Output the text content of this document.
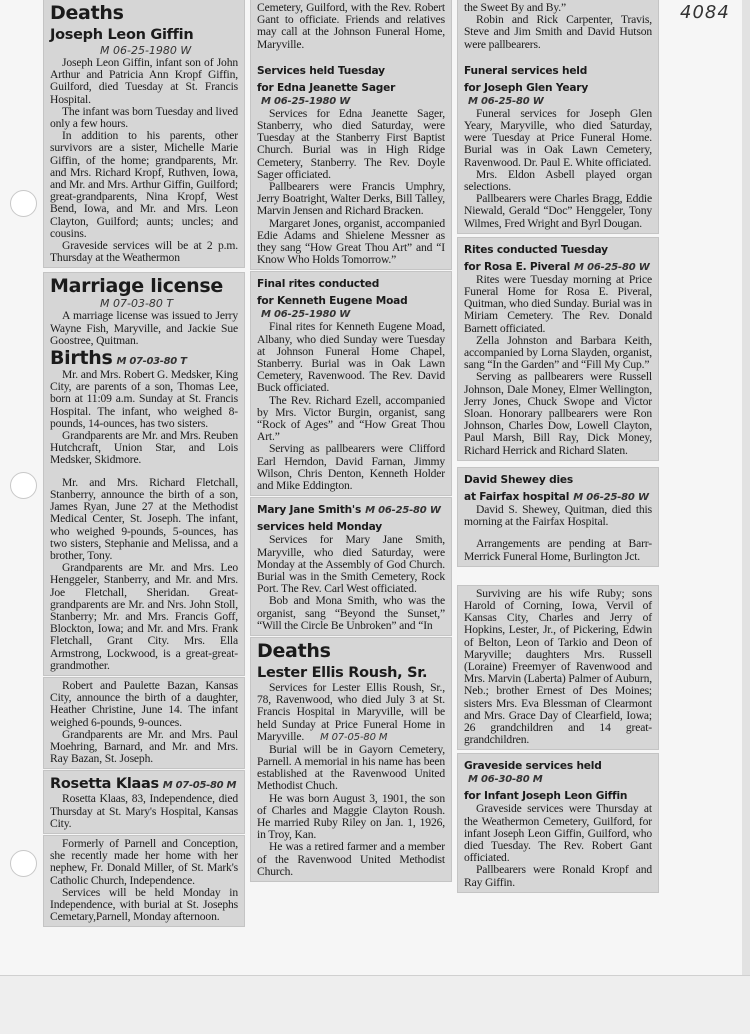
4084
Deaths
Joseph Leon Giffin
M 06-25-1980 W

Joseph Leon Giffin, infant son of John Arthur and Patricia Ann Kropf Giffin, Guilford, died Tuesday at St. Francis Hospital.

The infant was born Tuesday and lived only a few hours.

In addition to his parents, other survivors are a sister, Michelle Marie Giffin, of the home; grandparents, Mr. and Mrs. Richard Kropf, Ruthven, Iowa, and Mr. and Mrs. Arthur Giffin, Guilford; great-grandparents, Nina Kropf, West Bend, Iowa, and Mr. and Mrs. Leon Clayton, Guilford; aunts; uncles; and cousins.

Graveside services will be at 2 p.m. Thursday at the Weathermon

Marriage license
M 07-03-80 T

A marriage license was issued to Jerry Wayne Fish, Maryville, and Jackie Sue Goostree, Quitman.

Births M 07-03-80 T

Mr. and Mrs. Robert G. Medsker, King City, are parents of a son, Thomas Lee, born at 11:09 a.m. Sunday at St. Francis Hospital. The infant, who weighed 8-pounds, 14-ounces, has two sisters.

Grandparents are Mr. and Mrs. Reuben Hutchcraft, Union Star, and Lois Medsker, Skidmore.

Mr. and Mrs. Richard Fletchall, Stanberry, announce the birth of a son, James Ryan, June 27 at the Methodist Medical Center, St. Joseph. The infant, who weighed 9-pounds, 5-ounces, has two sisters, Stephanie and Melissa, and a brother, Tony.

Grandparents are Mr. and Mrs. Leo Henggeler, Stanberry, and Mr. and Mrs. Joe Fletchall, Sheridan. Great-grandparents are Mr. and Nrs. John Stoll, Stanberry; Mr. and Mrs. Francis Goff, Blockton, Iowa; and Mr. and Mrs. Frank Fletchall, Grant City. Mrs. Ella Armstrong, Lockwood, is a great-great-grandmother.

Robert and Paulette Bazan, Kansas City, announce the birth of a daughter, Heather Christine, June 14. The infant weighed 6-pounds, 9-ounces.

Grandparents are Mr. and Mrs. Paul Moehring, Barnard, and Mr. and Mrs. Ray Bazan, St. Joseph.

Rosetta Klaas M 07-05-80 M

Rosetta Klaas, 83, Independence, died Thursday at St. Mary's Hospital, Kansas City.

Formerly of Parnell and Conception, she recently made her home with her nephew, Fr. Donald Miller, of St. Mark's Catholic Church, Independence.

Services will be held Monday in Independence, with burial at St. Josephs Cemetary,Parnell, Monday afternoon.

Cemetery, Guilford, with the Rev. Robert Gant to officiate. Friends and relatives may call at the Johnson Funeral Home, Maryville.

Services held Tuesday
for Edna Jeanette SagerM 06-25-1980 W

Services for Edna Jeanette Sager, Stanberry, who died Saturday, were Tuesday at the Stanberry First Baptist Church. Burial was in High Ridge Cemetery, Stanberry. The Rev. Doyle Sager officiated.

Pallbearers were Francis Umphry, Jerry Boatright, Walter Derks, Bill Talley, Marvin Jensen and Richard Bracken.

Margaret Jones, organist, accompanied Edie Adams and Shielene Messner as they sang “How Great Thou Art” and “I Know Who Holds Tomorrow.”

Final rites conducted
for Kenneth Eugene MoadM 06-25-1980 W

Final rites for Kenneth Eugene Moad, Albany, who died Sunday were Tuesday at Johnson Funeral Home Chapel, Stanberry. Burial was in Oak Lawn Cemetery, Ravenwood. The Rev. David Buck officiated.

The Rev. Richard Ezell, accompanied by Mrs. Victor Burgin, organist, sang “Rock of Ages” and “How Great Thou Art.”

Serving as pallbearers were Clifford Earl Herndon, David Farnan, Jimmy Wilson, Chris Denton, Kenneth Holder and Mike Eddington.

Mary Jane Smith's M 06-25-80 W
services held Monday

Services for Mary Jane Smith, Maryville, who died Saturday, were Monday at the Assembly of God Church. Burial was in the Smith Cemetery, Rock Port. The Rev. Carl West officiated.

Bob and Mona Smith, who was the organist, sang “Beyond the Sunset,” “Will the Circle Be Unbroken” and “In

Deaths
Lester Ellis Roush, Sr.

Services for Lester Ellis Roush, Sr., 78, Ravenwood, who died July 3 at St. Francis Hospital in Maryville, will be held Sunday at Price Funeral Home in Maryville. M 07-05-80 M

Burial will be in Gayorn Cemetery, Parnell. A memorial in his name has been established at the Ravenwood United Methodist Chuch.

He was born August 3, 1901, the son of Charles and Maggie Clayton Roush. He married Ruby Riley on Jan. 1, 1926, in Troy, Kan.

He was a retired farmer and a member of the Ravenwood United Methodist Church.

the Sweet By and By.”

Robin and Rick Carpenter, Travis, Steve and Jim Smith and David Hutson were pallbearers.

Funeral services held
for Joseph Glen YearyM 06-25-80 W

Funeral services for Joseph Glen Yeary, Maryville, who died Saturday, were Tuesday at Price Funeral Home. Burial was in Oak Lawn Cemetery, Ravenwood. Dr. Paul E. White officiated.

Mrs. Eldon Asbell played organ selections.

Pallbearers were Charles Bragg, Eddie Niewald, Gerald “Doc” Henggeler, Tony Wilmes, Fred Wright and Byrl Dougan.

Rites conducted Tuesday
for Rosa E. Piveral M 06-25-80 W

Rites were Tuesday morning at Price Funeral Home for Rosa E. Piveral, Quitman, who died Sunday. Burial was in Miriam Cemetery. The Rev. Donald Barnett officiated.

Zella Johnston and Barbara Keith, accompanied by Lorna Slayden, organist, sang “In the Garden” and “Fill My Cup.”

Serving as pallbearers were Russell Johnson, Dale Money, Elmer Wellington, Jerry Jones, Chuck Swope and Victor Sloan. Honorary pallbearers were Ron Johnson, Charles Dow, Lowell Clayton, Paul Marsh, Bill Ray, Dick Money, Richard Herrick and Richard Slaten.

David Shewey dies
at Fairfax hospital M 06-25-80 W

David S. Shewey, Quitman, died this morning at the Fairfax Hospital.

Arrangements are pending at Barr-Merrick Funeral Home, Burlington Jct.

Surviving are his wife Ruby; sons Harold of Corning, Iowa, Vervil of Kansas City, Charles and Jerry of Hopkins, Lester, Jr., of Pickering, Edwin of Belton, Leon of Tarkio and Deon of Maryville; daughters Mrs. Russell (Loraine) Freemyer of Ravenwood and Mrs. Marvin (Laberta) Palmer of Auburn, Neb.; brother Ernest of Des Moines; sisters Mrs. Eva Blessman of Clearmont and Mrs. Grace Day of Clearfield, Iowa; 26 grandchildren and 14 great-grandchildren.

Graveside services heldM 06-30-80 M
for Infant Joseph Leon Giffin

Graveside services were Thursday at the Weathermon Cemetery, Guilford, for infant Joseph Leon Giffin, Guilford, who died Tuesday. The Rev. Robert Gant officiated.

Pallbearers were Ronald Kropf and Ray Giffin.
